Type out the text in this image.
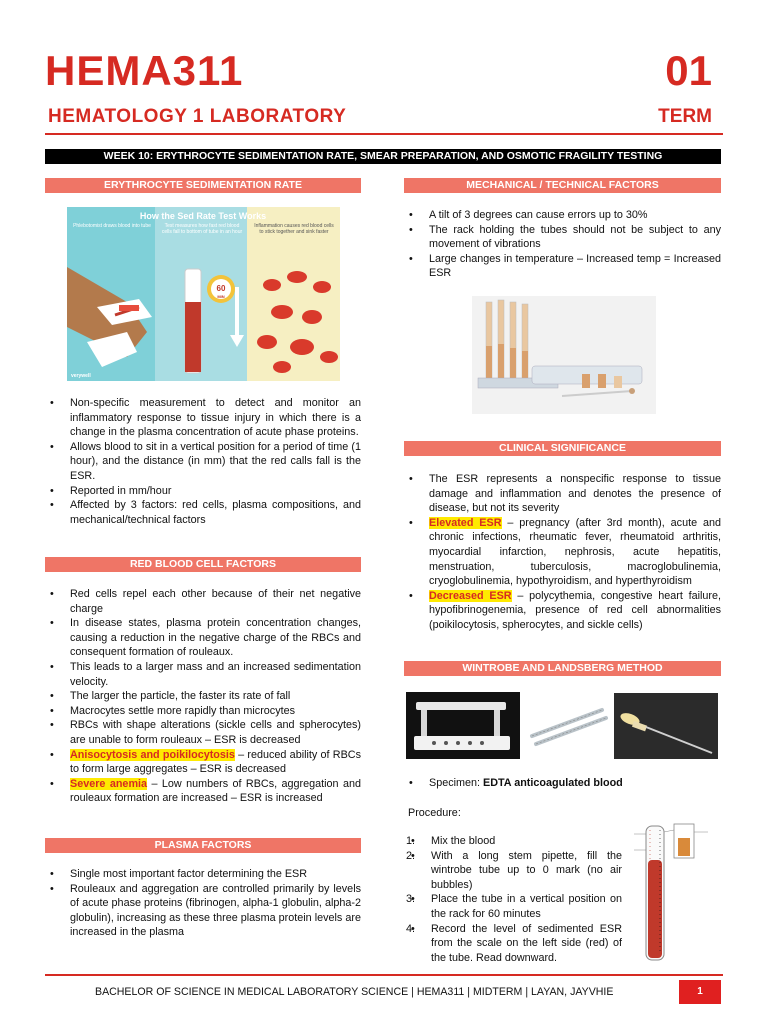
HEMA311	01
HEMATOLOGY 1 LABORATORY	TERM
WEEK 10: ERYTHROCYTE SEDIMENTATION RATE, SMEAR PREPARATION, AND OSMOTIC FRAGILITY TESTING
ERYTHROCYTE SEDIMENTATION RATE
60
MIN
How the Sed Rate Test Works
Phlebotomist draws blood into tube	Test measures how fast red blood cells fall to bottom of tube in an hour
Inflammation causes red blood cells to stick together and sink faster
verywell
• Non-specific measurement to detect and monitor an inflammatory response to tissue injury in which there is a change in the plasma concentration of acute phase proteins.
• Allows blood to sit in a vertical position for a period of time (1 hour), and the distance (in mm) that the red calls fall is the ESR.
• Reported in mm/hour
• Affected by 3 factors: red cells, plasma compositions, and mechanical/technical factors
RED BLOOD CELL FACTORS
• Red cells repel each other because of their net negative charge
• In disease states, plasma protein concentration changes, causing a reduction in the negative charge of the RBCs and consequent formation of rouleaux.
• This leads to a larger mass and an increased sedimentation velocity.
• The larger the particle, the faster its rate of fall
• Macrocytes settle more rapidly than microcytes
• RBCs with shape alterations (sickle cells and spherocytes) are unable to form rouleaux – ESR is decreased
• Anisocytosis and poikilocytosis – reduced ability of RBCs to form large aggregates – ESR is decreased
• Severe anemia – Low numbers of RBCs, aggregation and rouleaux formation are increased – ESR is increased
PLASMA FACTORS
• Single most important factor determining the ESR
• Rouleaux and aggregation are controlled primarily by levels of acute phase proteins (fibrinogen, alpha-1 globulin, alpha-2 globulin), increasing as these three plasma protein levels are increased in the plasma
MECHANICAL / TECHNICAL FACTORS
• A tilt of 3 degrees can cause errors up to 30%
• The rack holding the tubes should not be subject to any movement of vibrations
• Large changes in temperature – Increased temp = Increased ESR
CLINICAL SIGNIFICANCE
• The ESR represents a nonspecific response to tissue damage and inflammation and denotes the presence of disease, but not its severity
• Elevated ESR – pregnancy (after 3rd month), acute and chronic infections, rheumatic fever, rheumatoid arthritis, myocardial infarction, nephrosis, acute hepatitis, menstruation, tuberculosis, macroglobulinemia, cryoglobulinemia, hypothyroidism, and hyperthyroidism
• Decreased ESR – polycythemia, congestive heart failure, hypofibrinogenemia, presence of red cell abnormalities (poikilocytosis, spherocytes, and sickle cells)
WINTROBE AND LANDSBERG METHOD
• Specimen: EDTA anticoagulated blood
Procedure:
• 1. Mix the blood
• 2. With a long stem pipette, fill the wintrobe tube up to 0 mark (no air bubbles)
• 3. Place the tube in a vertical position on the rack for 60 minutes
• 4. Record the level of sedimented ESR from the scale on the left side (red) of the tube. Read downward.
BACHELOR OF SCIENCE IN MEDICAL LABORATORY SCIENCE | HEMA311 | MIDTERM | LAYAN, JAYVHIE	1
